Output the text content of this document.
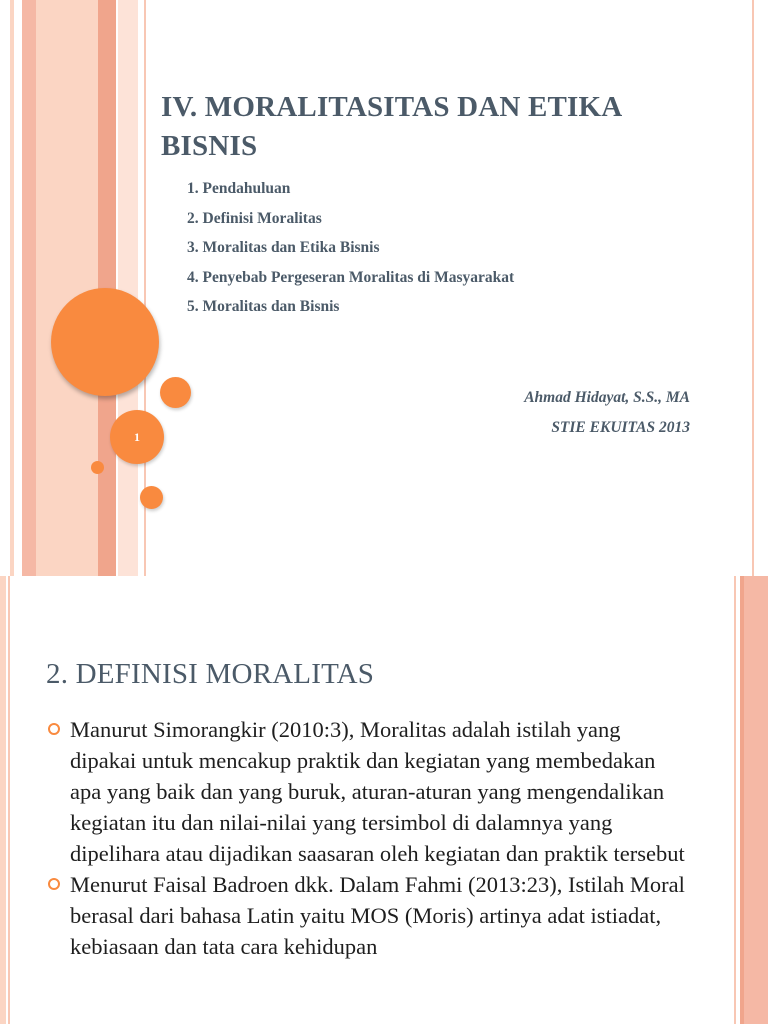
1
IV. MORALITASITAS DAN ETIKA BISNIS
1. Pendahuluan
2. Definisi Moralitas
3. Moralitas dan Etika Bisnis
4. Penyebab Pergeseran Moralitas di Masyarakat
5. Moralitas dan Bisnis
Ahmad Hidayat, S.S., MA
STIE EKUITAS 2013
2. DEFINISI MORALITAS
Manurut Simorangkir (2010:3), Moralitas adalah istilah yang dipakai untuk mencakup praktik dan kegiatan yang membedakan apa yang baik dan yang buruk, aturan-aturan yang mengendalikan kegiatan itu dan nilai-nilai yang tersimbol di dalamnya yang dipelihara atau dijadikan saasaran oleh kegiatan dan praktik tersebut
Menurut Faisal Badroen dkk. Dalam Fahmi (2013:23), Istilah Moral berasal dari bahasa Latin yaitu MOS (Moris) artinya adat istiadat, kebiasaan dan tata cara kehidupan
